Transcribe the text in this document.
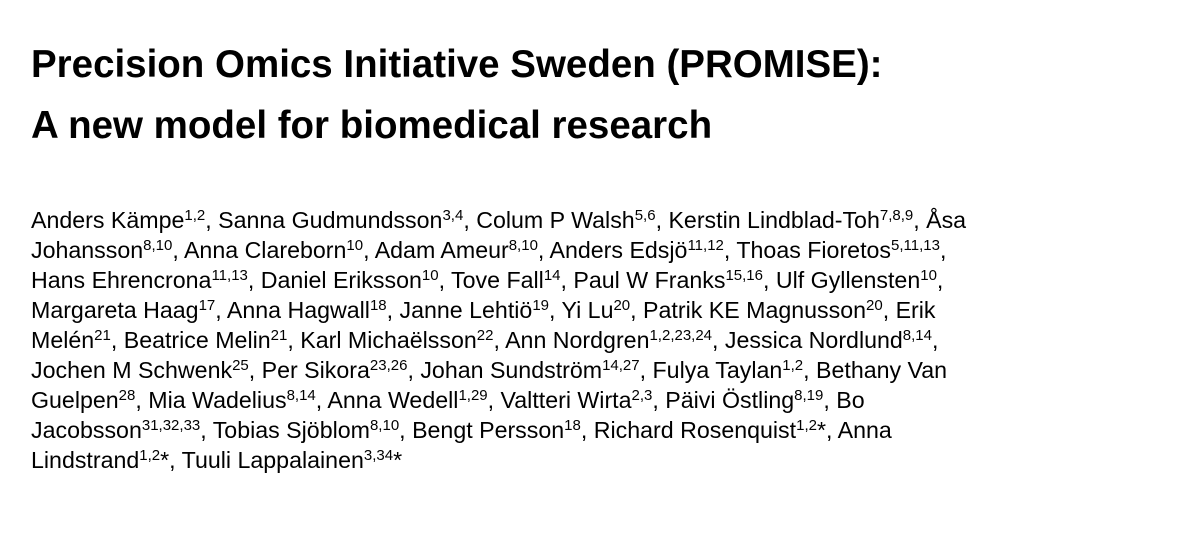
Precision Omics Initiative Sweden (PROMISE):
A new model for biomedical research
Anders Kämpe$^{1,2}$, Sanna Gudmundsson$^{3,4}$, Colum P Walsh$^{5,6}$, Kerstin Lindblad-Toh$^{7,8,9}$, Åsa
Johansson$^{8,10}$, Anna Clareborn$^{10}$, Adam Ameur$^{8,10}$, Anders Edsjö$^{11,12}$, Thoas Fioretos$^{5,11,13}$,
Hans Ehrencrona$^{11,13}$, Daniel Eriksson$^{10}$, Tove Fall$^{14}$, Paul W Franks$^{15,16}$, Ulf Gyllensten$^{10}$,
Margareta Haag$^{17}$, Anna Hagwall$^{18}$, Janne Lehtiö$^{19}$, Yi Lu$^{20}$, Patrik KE Magnusson$^{20}$, Erik
Melén$^{21}$, Beatrice Melin$^{21}$, Karl Michaëlsson$^{22}$, Ann Nordgren$^{1,2,23,24}$, Jessica Nordlund$^{8,14}$,
Jochen M Schwenk$^{25}$, Per Sikora$^{23,26}$, Johan Sundström$^{14,27}$, Fulya Taylan$^{1,2}$, Bethany Van
Guelpen$^{28}$, Mia Wadelius$^{8,14}$, Anna Wedell$^{1,29}$, Valtteri Wirta$^{2,3}$, Päivi Östling$^{8,19}$, Bo
Jacobsson$^{31,32,33}$, Tobias Sjöblom$^{8,10}$, Bengt Persson$^{18}$, Richard Rosenquist$^{1,2}$*, Anna
Lindstrand$^{1,2}$*, Tuuli Lappalainen$^{3,34}$*
